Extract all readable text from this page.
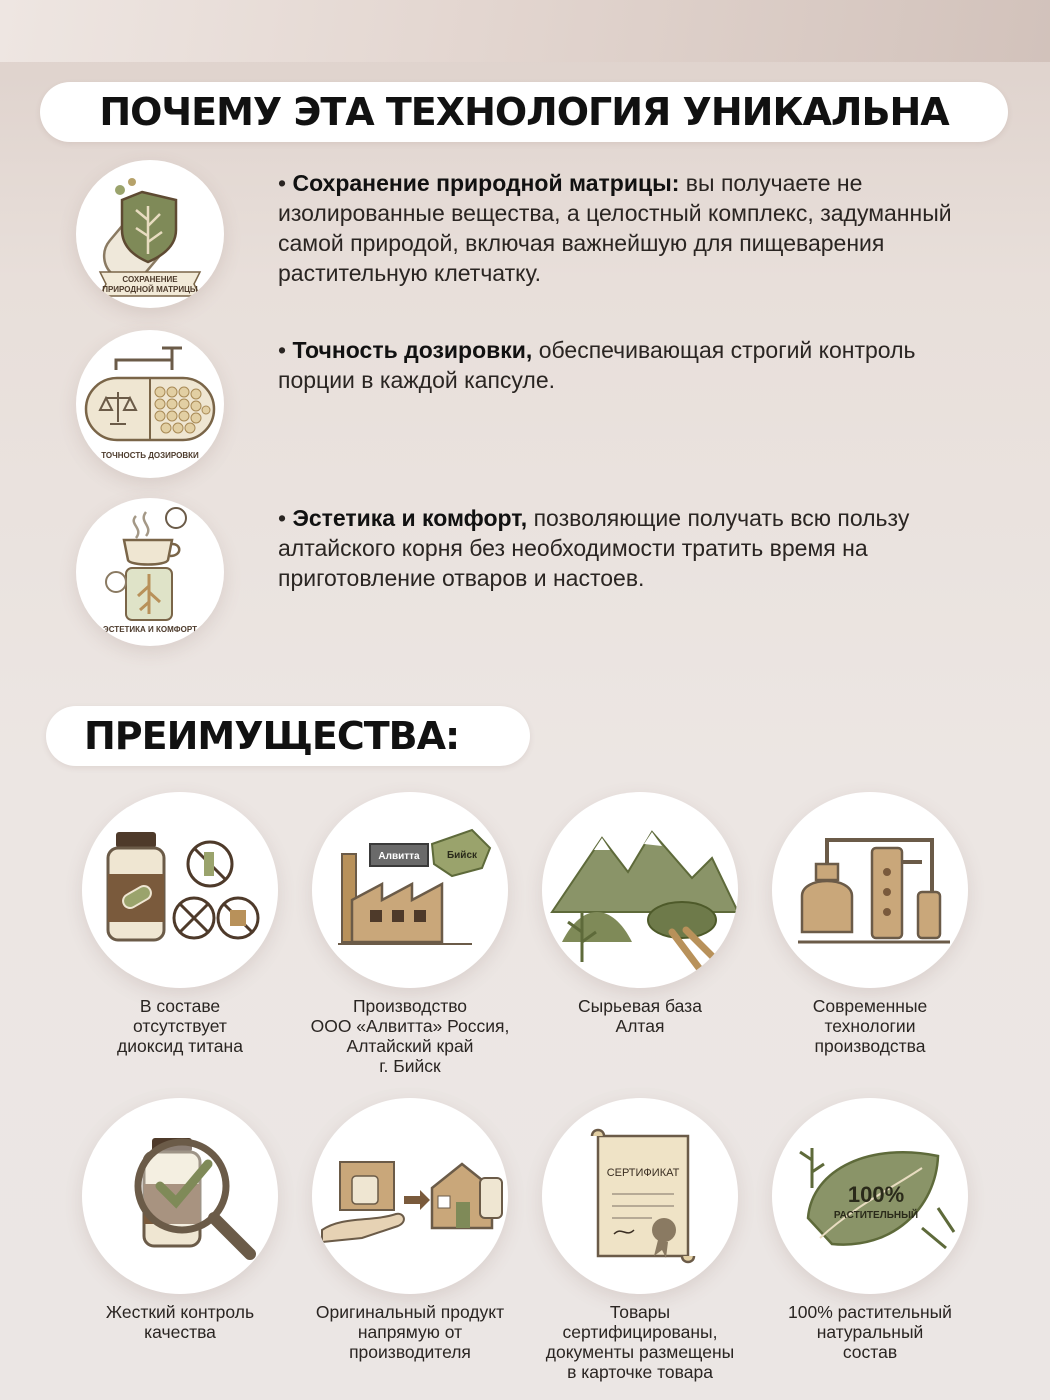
ПОЧЕМУ ЭТА ТЕХНОЛОГИЯ УНИКАЛЬНА
СОХРАНЕНИЕ
ПРИРОДНОЙ МАТРИЦЫ
• Сохранение природной матрицы: вы получаете не изолированные вещества, а целостный комплекс, задуманный самой природой, включая важнейшую для пищеварения растительную клетчатку.
ТОЧНОСТЬ ДОЗИРОВКИ
• Точность дозировки, обеспечивающая строгий контроль порции в каждой капсуле.
ЭСТЕТИКА И КОМФОРТ
• Эстетика и комфорт, позволяющие получать всю пользу алтайского корня без необходимости тратить время на приготовление отваров и настоев.
ПРЕИМУЩЕСТВА:
Бийск
Алвитта
В составе
отсутствует
диоксид титана
Производство
ООО «Алвитта» Россия,
Алтайский край
г. Бийск
Сырьевая база
Алтая
Современные
технологии
производства
СЕРТИФИКАТ
100%
РАСТИТЕЛЬНЫЙ
Жесткий контроль
качества
Оригинальный продукт
напрямую от
производителя
Товары
сертифицированы,
документы размещены
в карточке товара
100% растительный
натуральный
состав
